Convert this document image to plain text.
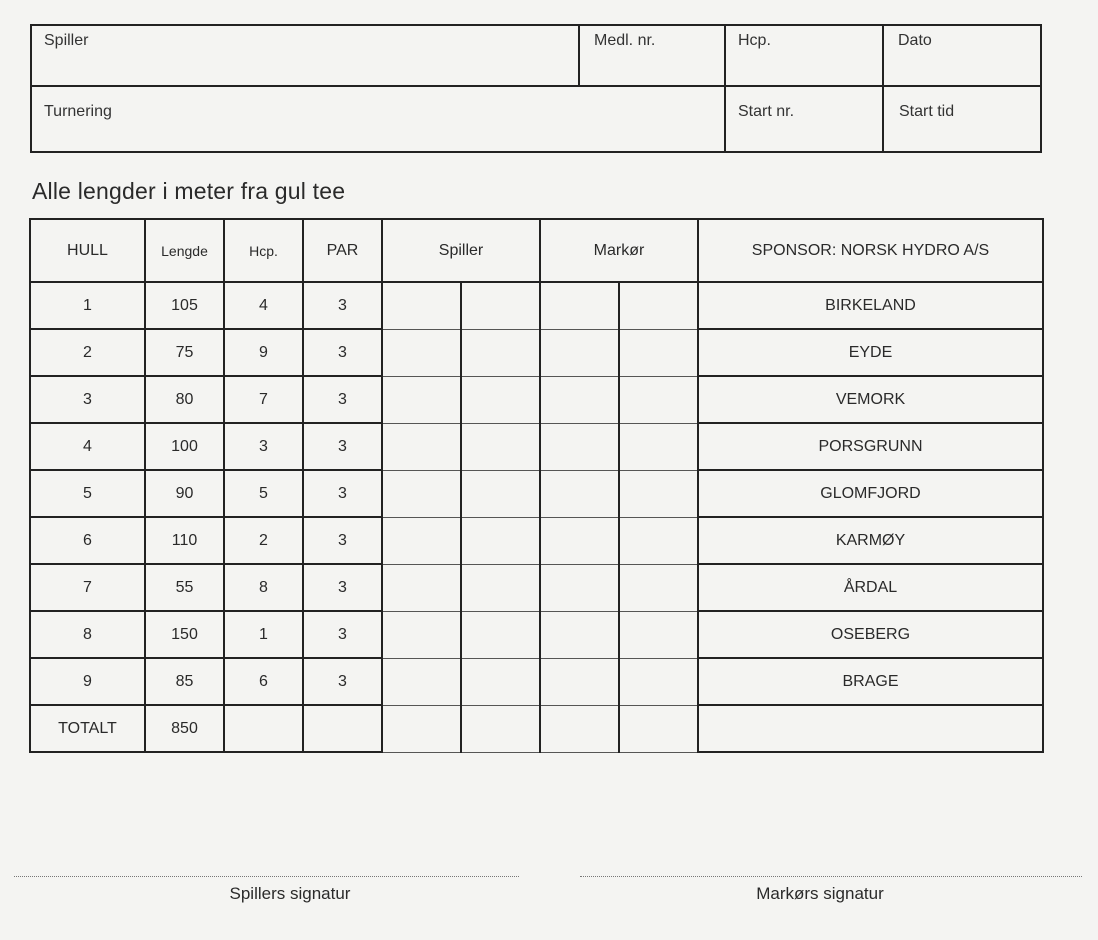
Spiller	Medl. nr.	Hcp.	Dato
Turnering	Start nr.	Start tid
Alle lengder i meter fra gul tee
HULL	Lengde	Hcp.	PAR	Spiller		Markør		SPONSOR: NORSK HYDRO A/S
1	105	4	3					BIRKELAND
2	75	9	3					EYDE
3	80	7	3					VEMORK
4	100	3	3					PORSGRUNN
5	90	5	3					GLOMFJORD
6	110	2	3					KARMØY
7	55	8	3					ÅRDAL
8	150	1	3					OSEBERG
9	85	6	3					BRAGE
TOTALT	850							
Spillers signatur	Markørs signatur
